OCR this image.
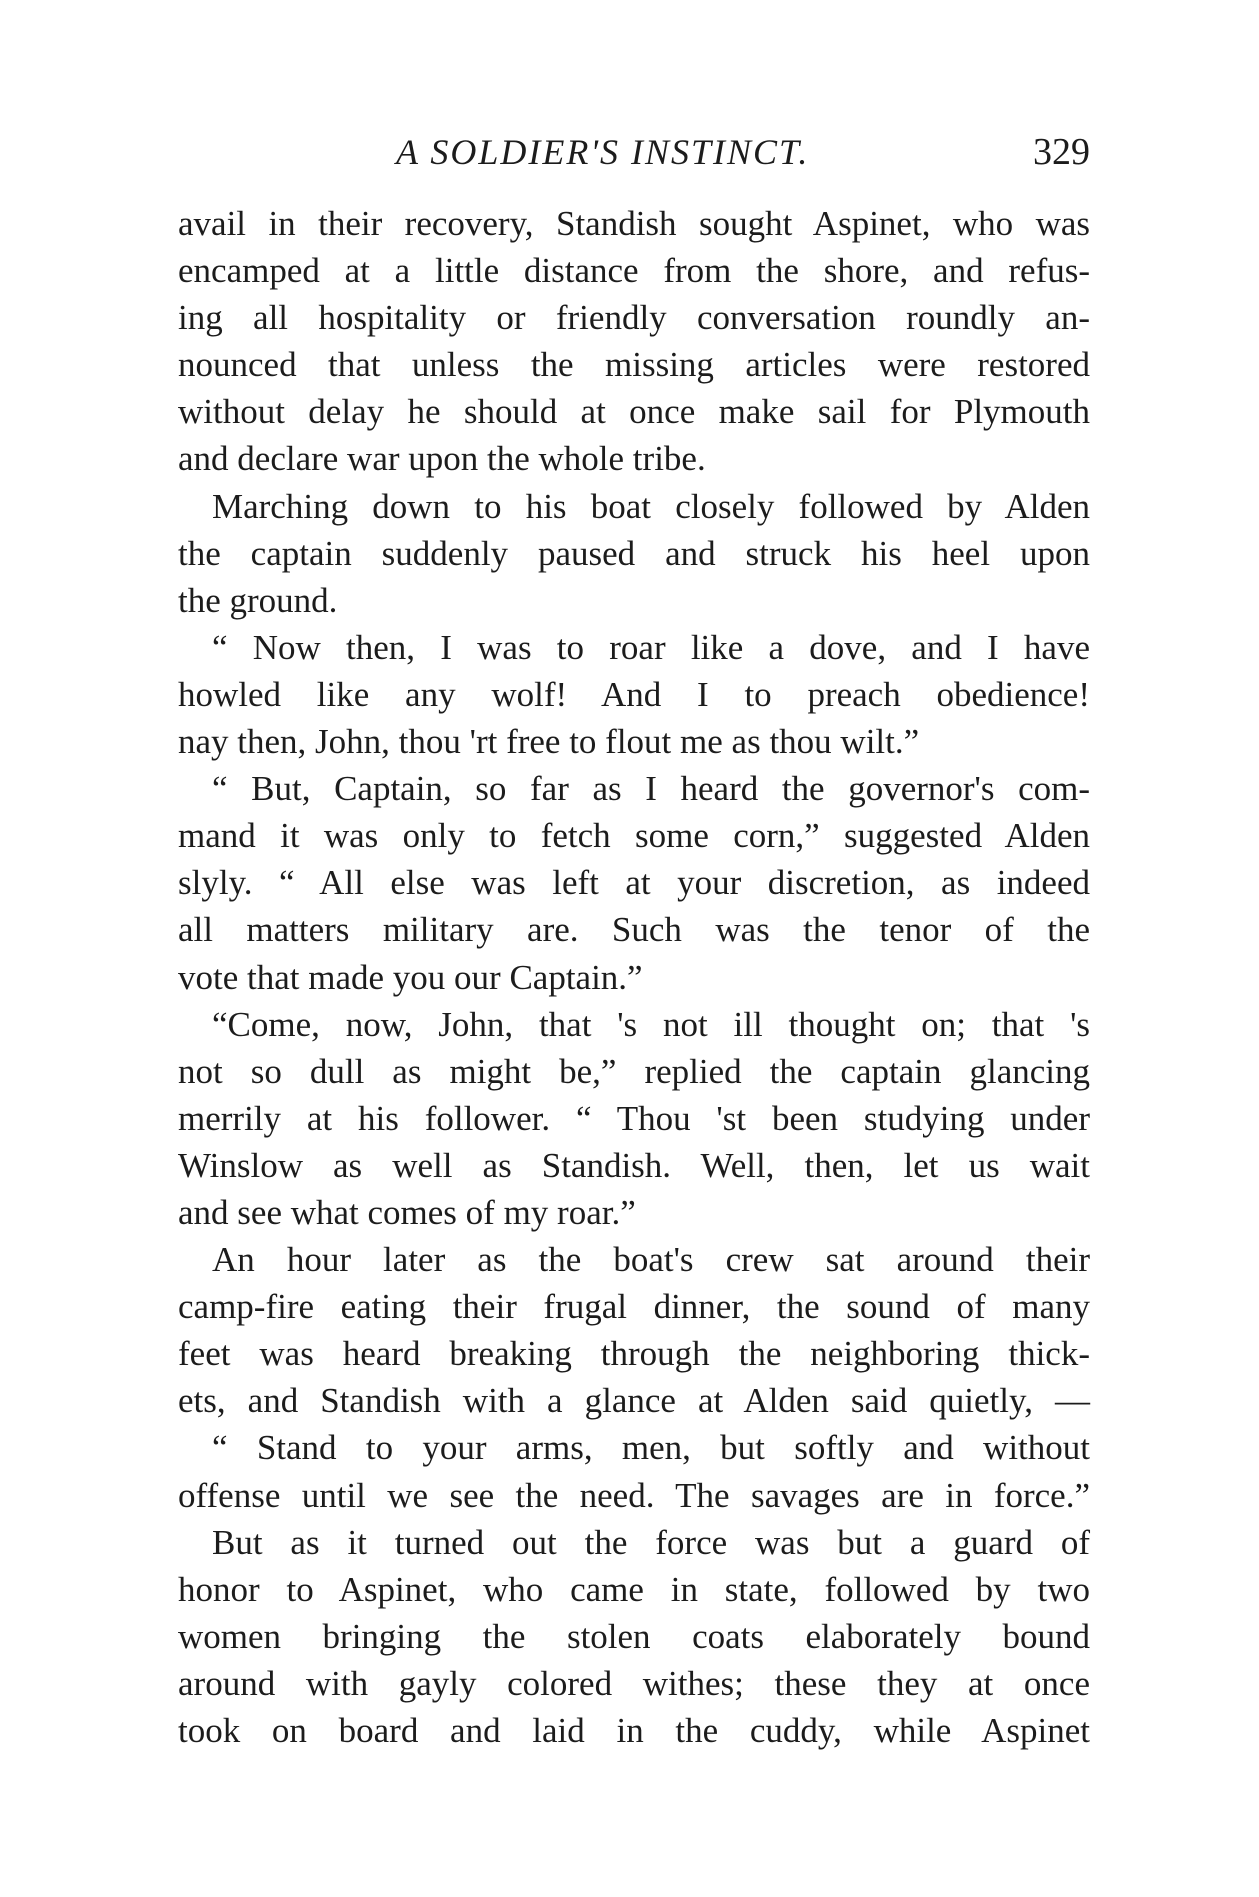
A SOLDIER'S INSTINCT.	329
avail in their recovery, Standish sought Aspinet, who was
encamped at a little distance from the shore, and refus-
ing all hospitality or friendly conversation roundly an-
nounced that unless the missing articles were restored
without delay he should at once make sail for Plymouth
and declare war upon the whole tribe.
Marching down to his boat closely followed by Alden
the captain suddenly paused and struck his heel upon
the ground.
“ Now then, I was to roar like a dove, and I have
howled like any wolf! And I to preach obedience!
nay then, John, thou 'rt free to flout me as thou wilt.”
“ But, Captain, so far as I heard the governor's com-
mand it was only to fetch some corn,” suggested Alden
slyly. “ All else was left at your discretion, as indeed
all matters military are. Such was the tenor of the
vote that made you our Captain.”
“Come, now, John, that 's not ill thought on; that 's
not so dull as might be,” replied the captain glancing
merrily at his follower. “ Thou 'st been studying under
Winslow as well as Standish. Well, then, let us wait
and see what comes of my roar.”
An hour later as the boat's crew sat around their
camp-fire eating their frugal dinner, the sound of many
feet was heard breaking through the neighboring thick-
ets, and Standish with a glance at Alden said quietly, —
“ Stand to your arms, men, but softly and without
offense until we see the need. The savages are in force.”
But as it turned out the force was but a guard of
honor to Aspinet, who came in state, followed by two
women bringing the stolen coats elaborately bound
around with gayly colored withes; these they at once
took on board and laid in the cuddy, while Aspinet
